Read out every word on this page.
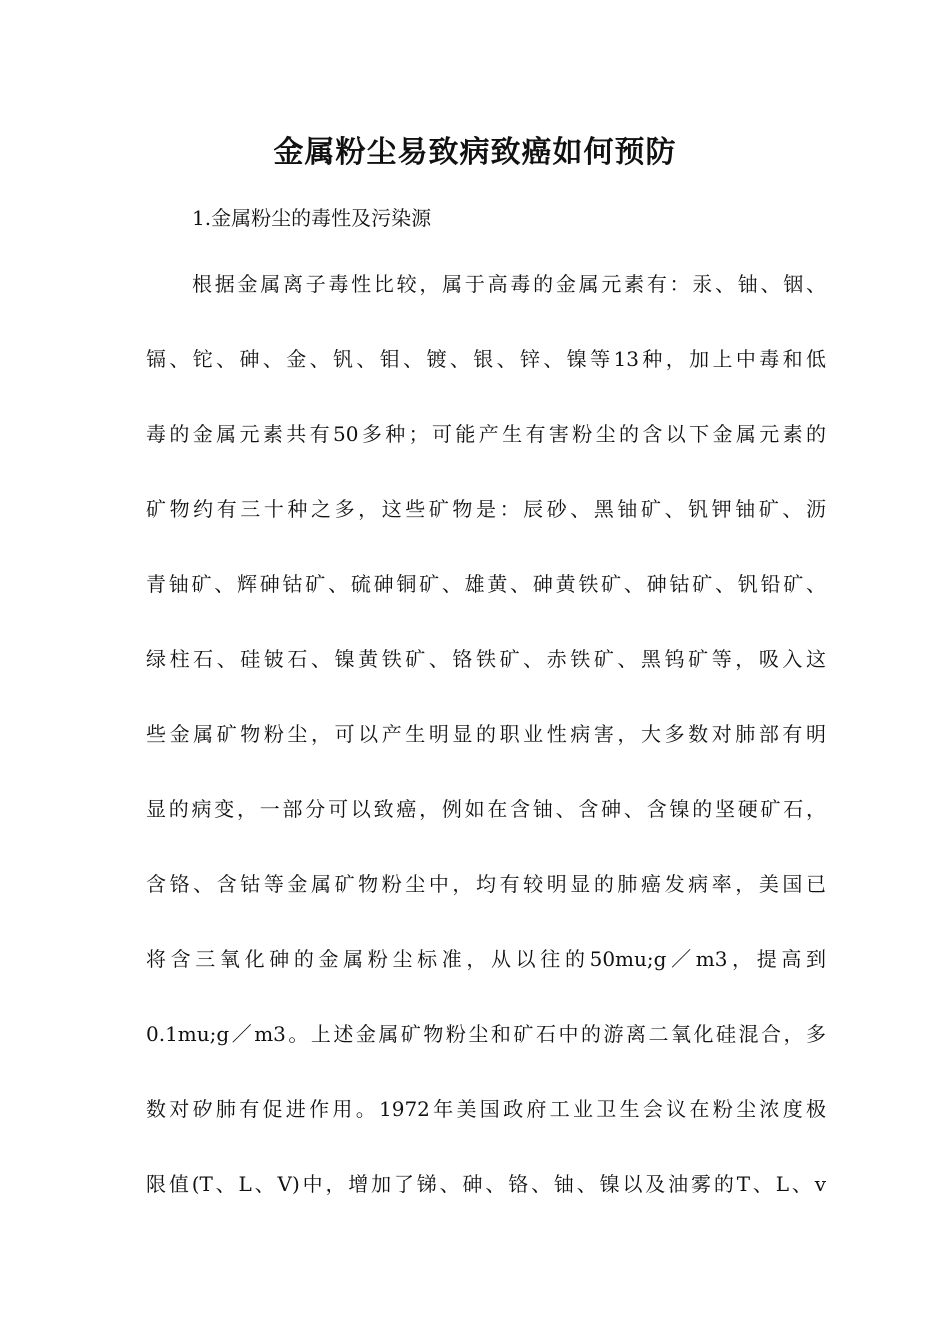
金属粉尘易致病致癌如何预防

1.金属粉尘的毒性及污染源

根据金属离子毒性比较，属于高毒的金属元素有：汞、铀、铟、
镉、铊、砷、金、钒、钼、镀、银、锌、镍等13种，加上中毒和低
毒的金属元素共有50多种；可能产生有害粉尘的含以下金属元素的
矿物约有三十种之多，这些矿物是：辰砂、黑铀矿、钒钾铀矿、沥
青铀矿、辉砷钴矿、硫砷铜矿、雄黄、砷黄铁矿、砷钴矿、钒铅矿、
绿柱石、硅铍石、镍黄铁矿、铬铁矿、赤铁矿、黑钨矿等，吸入这
些金属矿物粉尘，可以产生明显的职业性病害，大多数对肺部有明
显的病变，一部分可以致癌，例如在含铀、含砷、含镍的坚硬矿石，
含铬、含钴等金属矿物粉尘中，均有较明显的肺癌发病率，美国已
将含三氧化砷的金属粉尘标准，从以往的50mu;g／m3，提高到
0.1mu;g／m3。上述金属矿物粉尘和矿石中的游离二氧化硅混合，多
数对矽肺有促进作用。1972年美国政府工业卫生会议在粉尘浓度极
限值(T、L、V)中，增加了锑、砷、铬、铀、镍以及油雾的T、L、v
